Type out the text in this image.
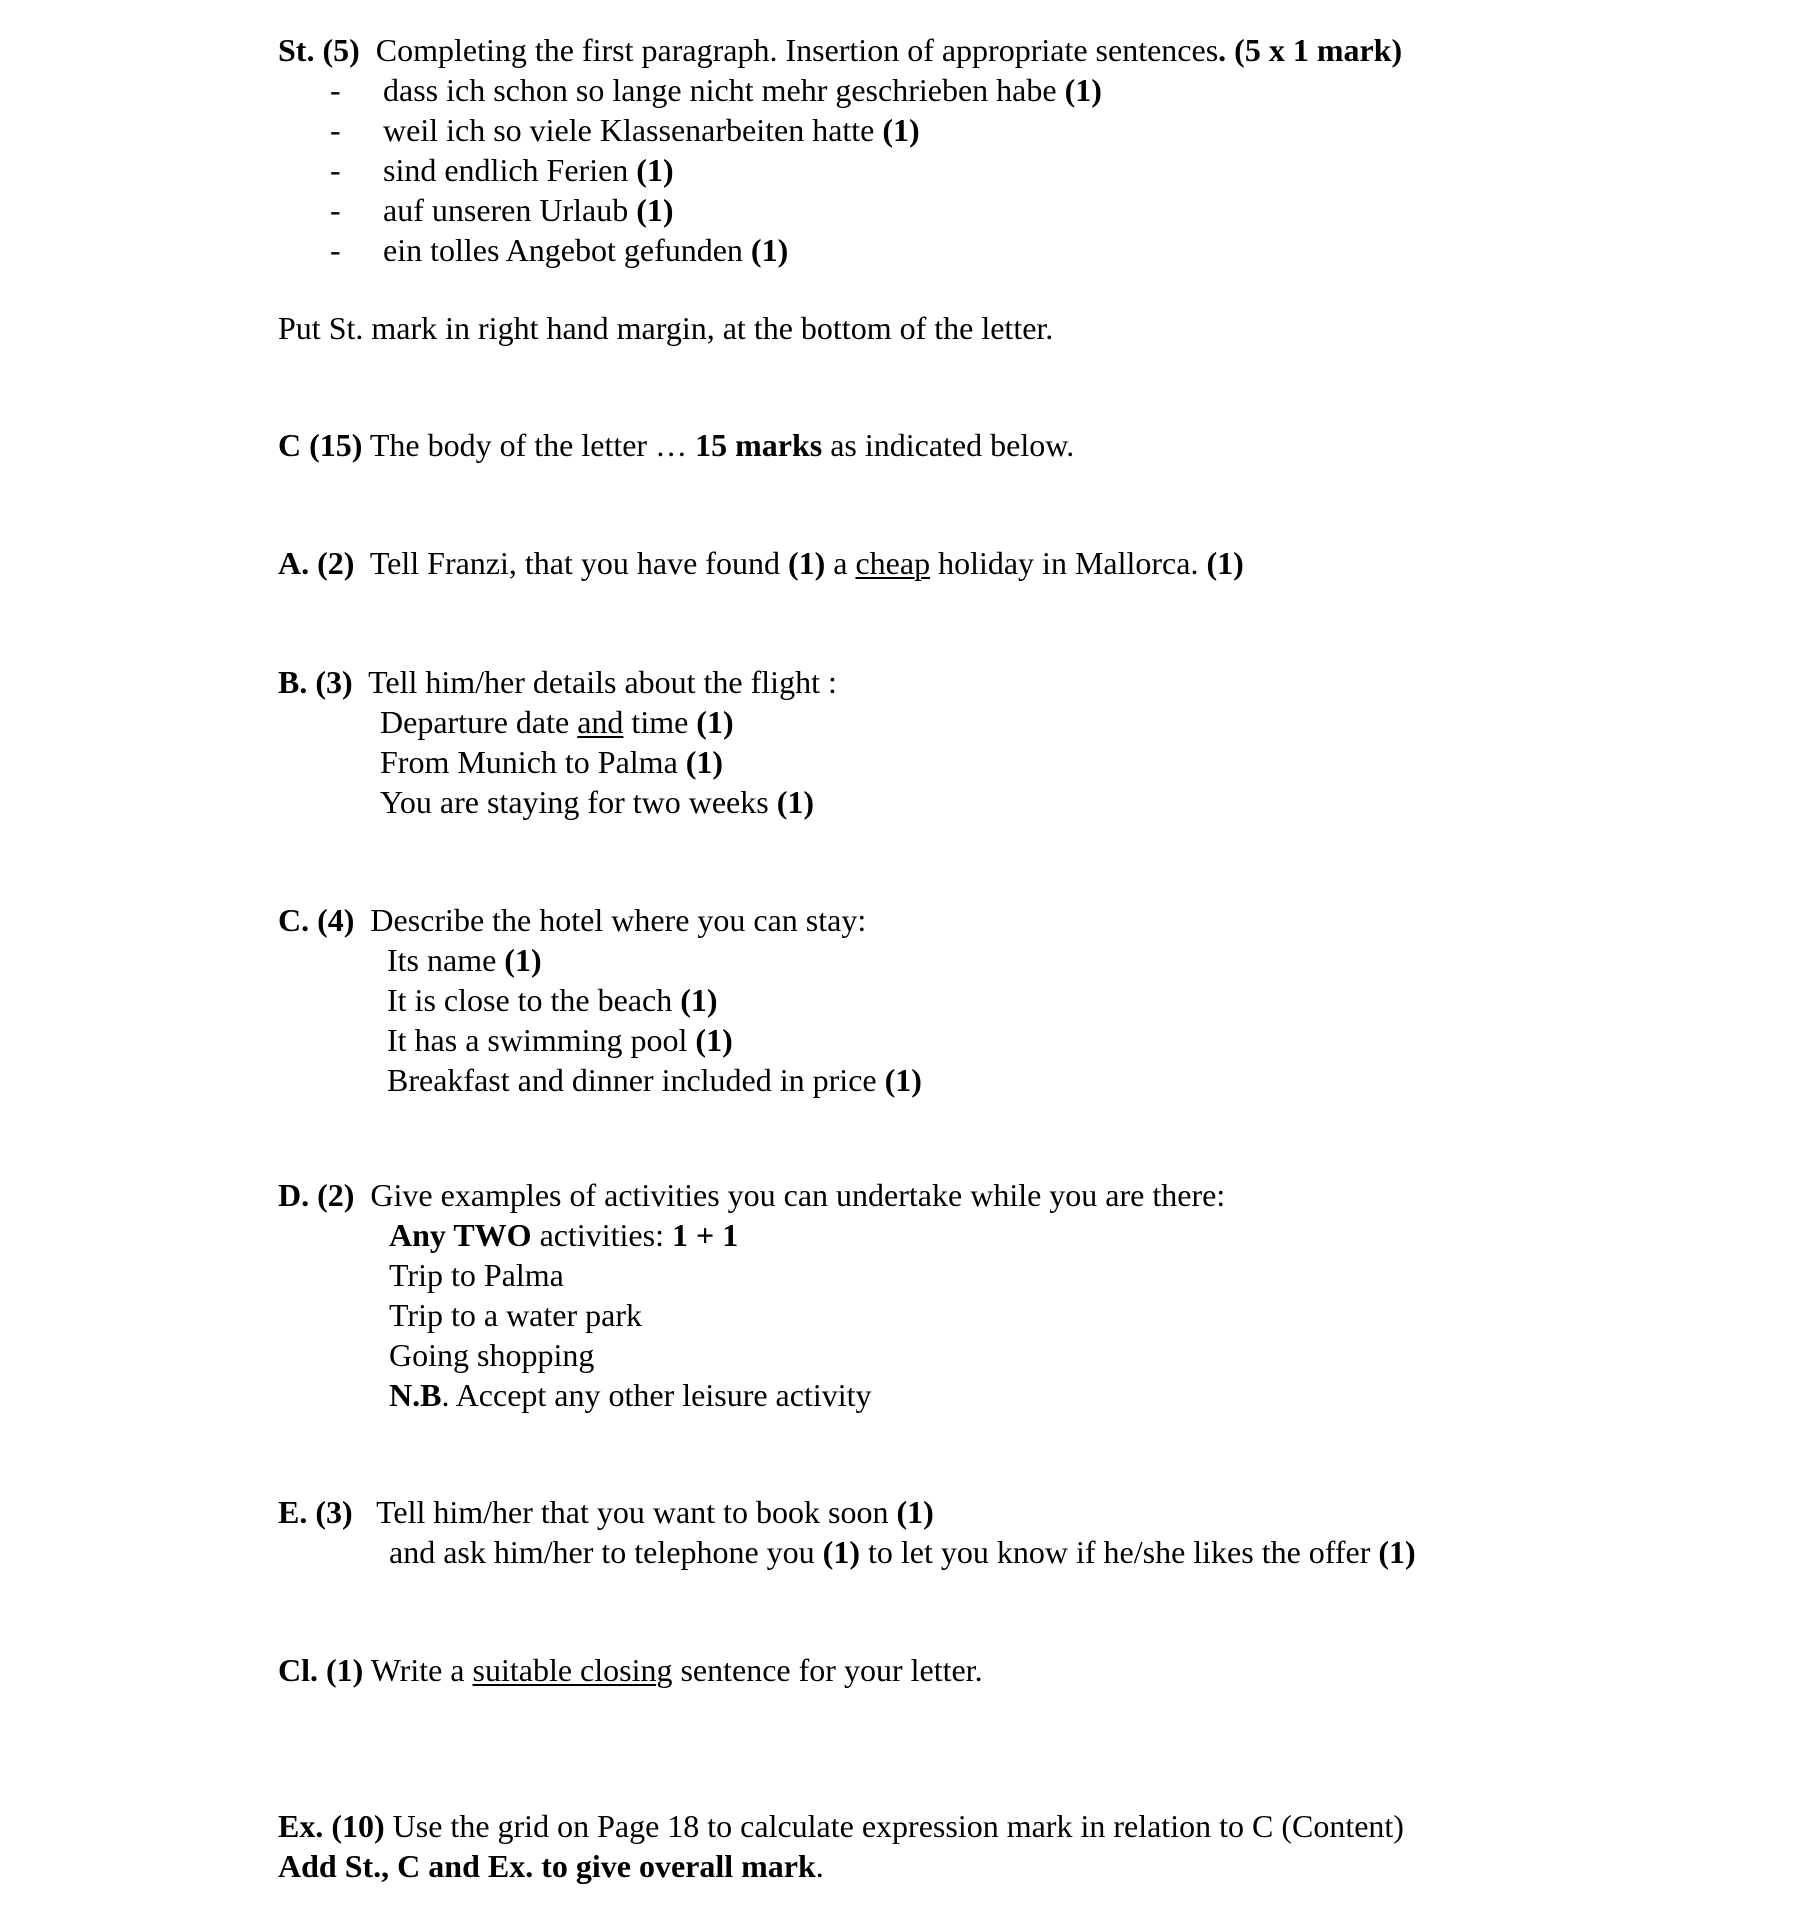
St. (5) Completing the first paragraph. Insertion of appropriate sentences. (5 x 1 mark)
- dass ich schon so lange nicht mehr geschrieben habe (1)
- weil ich so viele Klassenarbeiten hatte (1)
- sind endlich Ferien (1)
- auf unseren Urlaub (1)
- ein tolles Angebot gefunden (1)
Put St. mark in right hand margin, at the bottom of the letter.
C (15) The body of the letter … 15 marks as indicated below.
A. (2) Tell Franzi, that you have found (1) a cheap holiday in Mallorca. (1)
B. (3) Tell him/her details about the flight :
Departure date and time (1)
From Munich to Palma (1)
You are staying for two weeks (1)
C. (4) Describe the hotel where you can stay:
Its name (1)
It is close to the beach (1)
It has a swimming pool (1)
Breakfast and dinner included in price (1)
D. (2) Give examples of activities you can undertake while you are there:
Any TWO activities: 1 + 1
Trip to Palma
Trip to a water park
Going shopping
N.B. Accept any other leisure activity
E. (3) Tell him/her that you want to book soon (1)
and ask him/her to telephone you (1) to let you know if he/she likes the offer (1)
Cl. (1) Write a suitable closing sentence for your letter.
Ex. (10) Use the grid on Page 18 to calculate expression mark in relation to C (Content)
Add St., C and Ex. to give overall mark.
